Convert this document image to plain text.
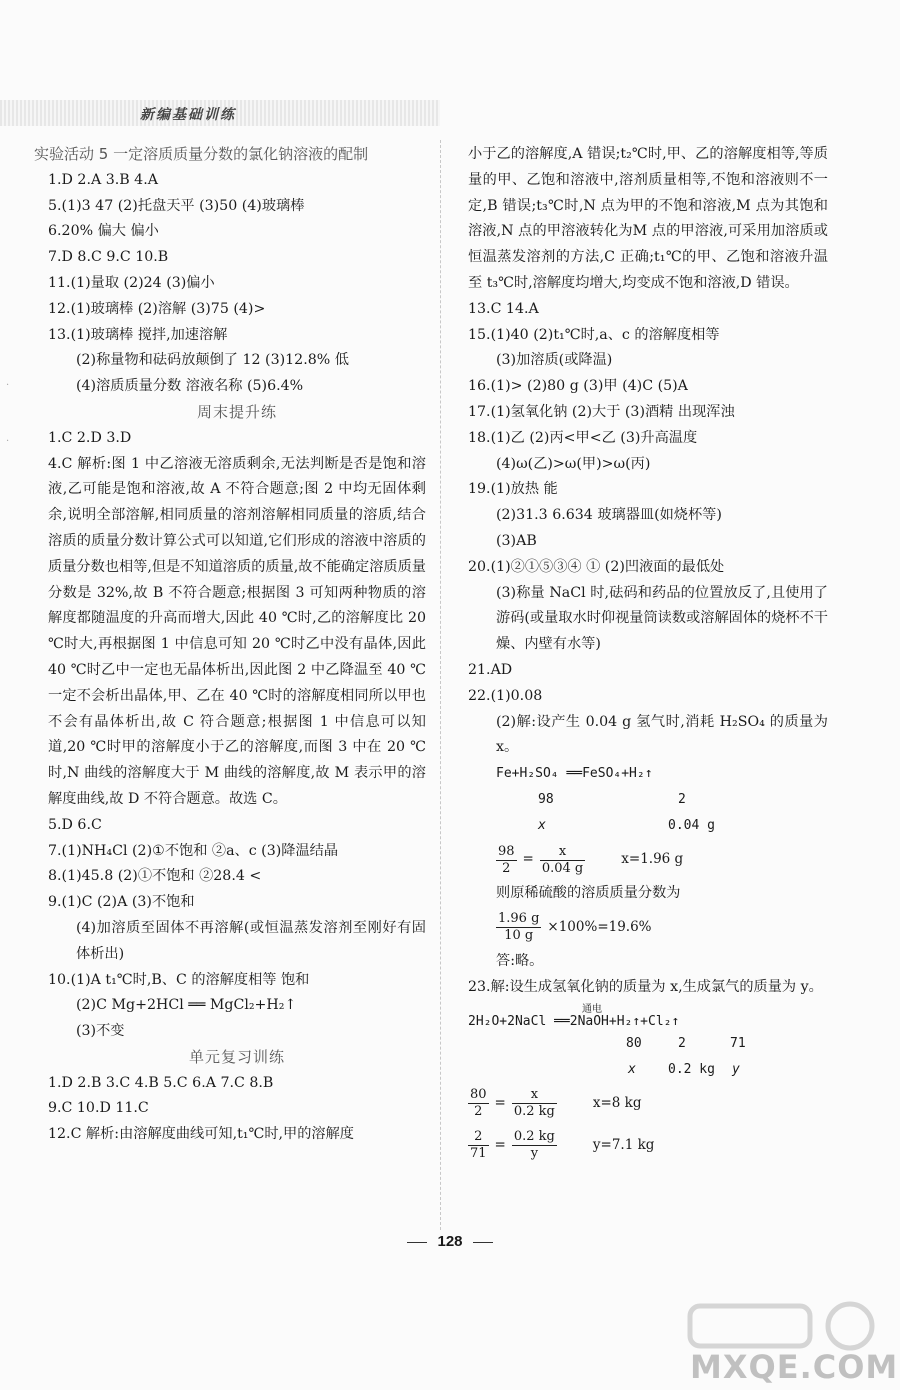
新编基础训练
·
·
实验活动 5 一定溶质质量分数的氯化钠溶液的配制
1.D 2.A 3.B 4.A
5.(1)3 47 (2)托盘天平 (3)50 (4)玻璃棒
6.20% 偏大 偏小
7.D 8.C 9.C 10.B
11.(1)量取 (2)24 (3)偏小
12.(1)玻璃棒 (2)溶解 (3)75 (4)>
13.(1)玻璃棒 搅拌,加速溶解
(2)称量物和砝码放颠倒了 12 (3)12.8% 低
(4)溶质质量分数 溶液名称 (5)6.4%
周末提升练
1.C 2.D 3.D
4.C 解析:图 1 中乙溶液无溶质剩余,无法判断是否是饱和溶液,乙可能是饱和溶液,故 A 不符合题意;图 2 中均无固体剩余,说明全部溶解,相同质量的溶剂溶解相同质量的溶质,结合溶质的质量分数计算公式可以知道,它们形成的溶液中溶质的质量分数也相等,但是不知道溶质的质量,故不能确定溶质质量分数是 32%,故 B 不符合题意;根据图 3 可知两种物质的溶解度都随温度的升高而增大,因此 40 ℃时,乙的溶解度比 20 ℃时大,再根据图 1 中信息可知 20 ℃时乙中没有晶体,因此 40 ℃时乙中一定也无晶体析出,因此图 2 中乙降温至 40 ℃一定不会析出晶体,甲、乙在 40 ℃时的溶解度相同所以甲也不会有晶体析出,故 C 符合题意;根据图 1 中信息可以知道,20 ℃时甲的溶解度小于乙的溶解度,而图 3 中在 20 ℃时,N 曲线的溶解度大于 M 曲线的溶解度,故 M 表示甲的溶解度曲线,故 D 不符合题意。故选 C。
5.D 6.C
7.(1)NH₄Cl (2)①不饱和 ②a、c (3)降温结晶
8.(1)45.8 (2)①不饱和 ②28.4 <
9.(1)C (2)A (3)不饱和
(4)加溶质至固体不再溶解(或恒温蒸发溶剂至刚好有固体析出)
10.(1)A t₁℃时,B、C 的溶解度相等 饱和
(2)C Mg+2HCl ══ MgCl₂+H₂↑
(3)不变
单元复习训练
1.D 2.B 3.C 4.B 5.C 6.A 7.C 8.B
9.C 10.D 11.C
12.C 解析:由溶解度曲线可知,t₁℃时,甲的溶解度
小于乙的溶解度,A 错误;t₂℃时,甲、乙的溶解度相等,等质量的甲、乙饱和溶液中,溶剂质量相等,不饱和溶液则不一定,B 错误;t₃℃时,N 点为甲的不饱和溶液,M 点为其饱和溶液,N 点的甲溶液转化为M 点的甲溶液,可采用加溶质或恒温蒸发溶剂的方法,C 正确;t₁℃的甲、乙饱和溶液升温至 t₃℃时,溶解度均增大,均变成不饱和溶液,D 错误。
13.C 14.A
15.(1)40 (2)t₁℃时,a、c 的溶解度相等
(3)加溶质(或降温)
16.(1)> (2)80 g (3)甲 (4)C (5)A
17.(1)氢氧化钠 (2)大于 (3)酒精 出现浑浊
18.(1)乙 (2)丙<甲<乙 (3)升高温度
(4)ω(乙)>ω(甲)>ω(丙)
19.(1)放热 能
(2)31.3 6.634 玻璃器皿(如烧杯等)
(3)AB
20.(1)②①⑤③④ ① (2)凹液面的最低处
(3)称量 NaCl 时,砝码和药品的位置放反了,且使用了游码(或量取水时仰视量筒读数或溶解固体的烧杯不干燥、内壁有水等)
21.AD
22.(1)0.08
(2)解:设产生 0.04 g 氢气时,消耗 H₂SO₄ 的质量为 x。
Fe+H₂SO₄ ══FeSO₄+H₂↑
98	2
x	0.04 g
$\frac{98}{2} = \frac{x}{0.04 g}$	x=1.96 g
则原稀硫酸的溶质质量分数为
$\frac{1.96 g}{10 g} \times 100\%=19.6\%$
答:略。
23.解:设生成氢氧化钠的质量为 x,生成氯气的质量为 y。
2H₂O+2NaCl ══2NaOH+H₂↑+Cl₂↑
通电
80	2	71
x 0.2 kg y
$\frac{80}{2} = \frac{x}{0.2 kg}$	x=8 kg
$\frac{2}{71} = \frac{0.2 kg}{y}$	y=7.1 kg
128
MXQE.COM
